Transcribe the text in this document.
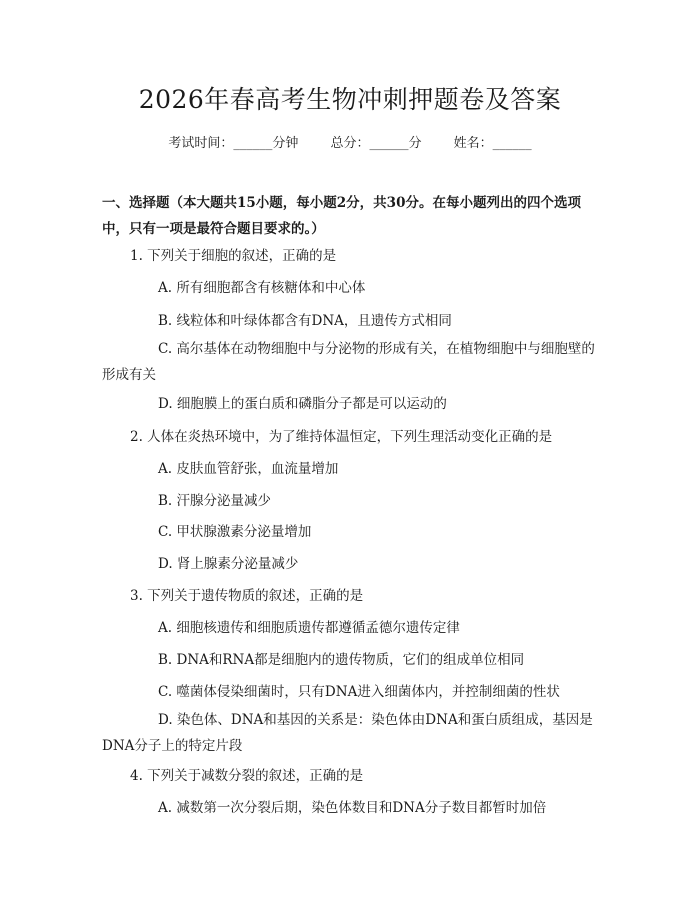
2026年春高考生物冲刺押题卷及答案
考试时间：______分钟 总分：______分 姓名：______
一、选择题（本大题共15小题，每小题2分，共30分。在每小题列出的四个选项中，只有一项是最符合题目要求的。）
1. 下列关于细胞的叙述，正确的是
A. 所有细胞都含有核糖体和中心体
B. 线粒体和叶绿体都含有DNA，且遗传方式相同
C. 高尔基体在动物细胞中与分泌物的形成有关，在植物细胞中与细胞壁的形成有关
D. 细胞膜上的蛋白质和磷脂分子都是可以运动的
2. 人体在炎热环境中，为了维持体温恒定，下列生理活动变化正确的是
A. 皮肤血管舒张，血流量增加
B. 汗腺分泌量减少
C. 甲状腺激素分泌量增加
D. 肾上腺素分泌量减少
3. 下列关于遗传物质的叙述，正确的是
A. 细胞核遗传和细胞质遗传都遵循孟德尔遗传定律
B. DNA和RNA都是细胞内的遗传物质，它们的组成单位相同
C. 噬菌体侵染细菌时，只有DNA进入细菌体内，并控制细菌的性状
D. 染色体、DNA和基因的关系是：染色体由DNA和蛋白质组成，基因是DNA分子上的特定片段
4. 下列关于减数分裂的叙述，正确的是
A. 减数第一次分裂后期，染色体数目和DNA分子数目都暂时加倍
